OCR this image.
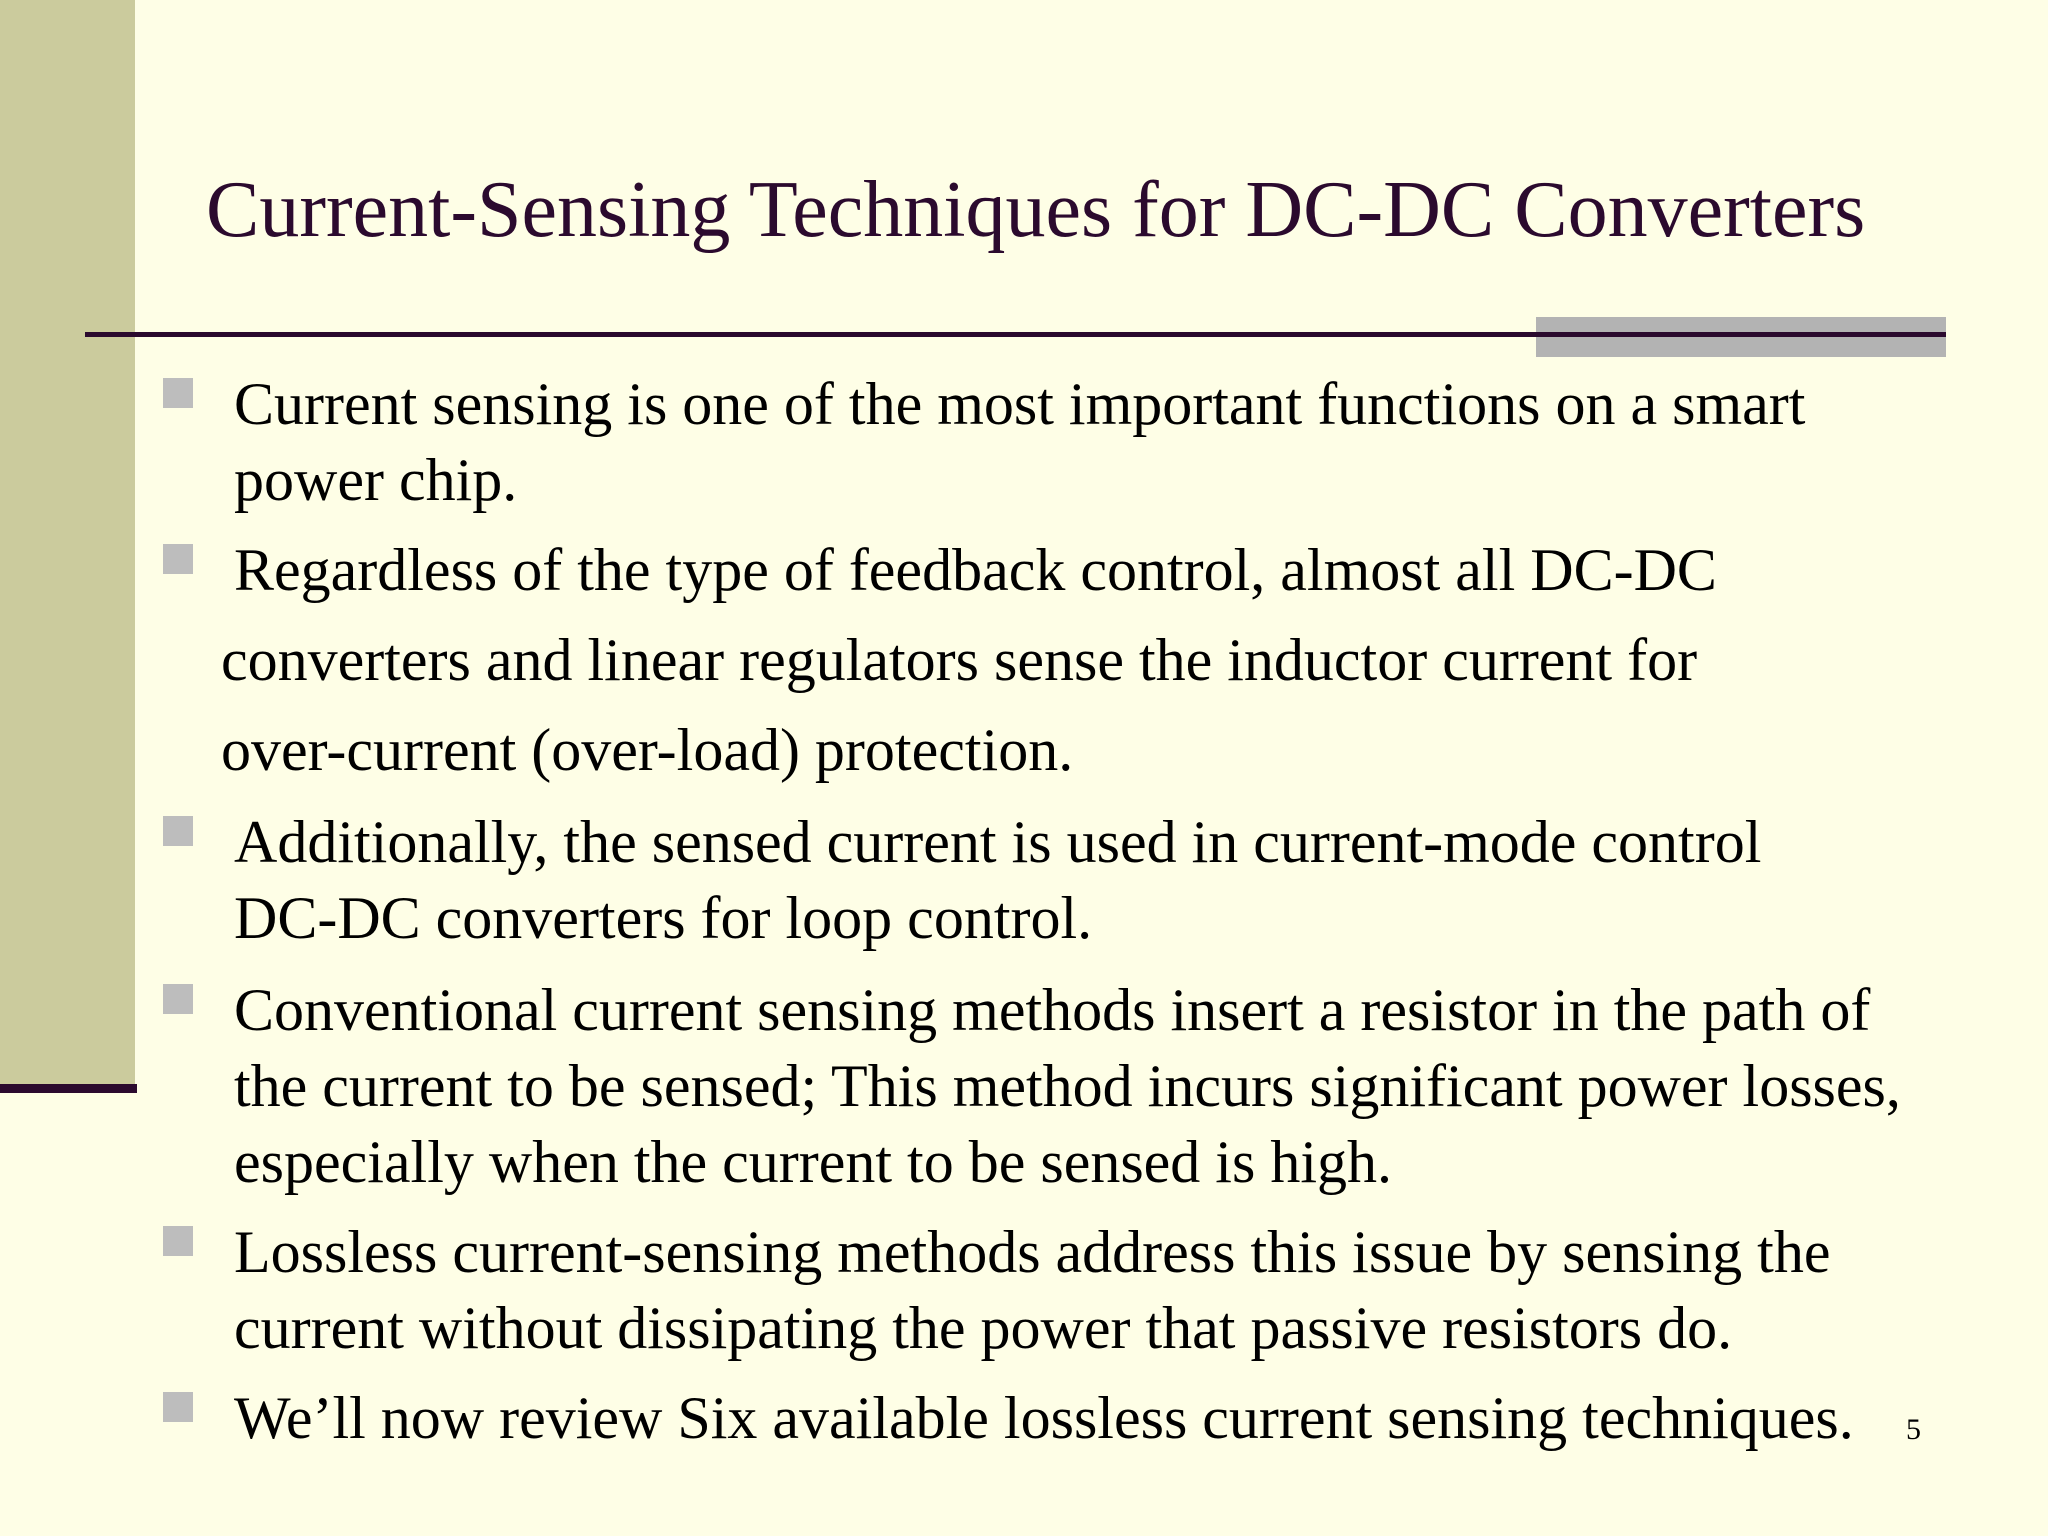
Current-Sensing Techniques for DC-DC Converters

Current sensing is one of the most important functions on a smart
power chip.

Regardless of the type of feedback control, almost all DC-DC
converters and linear regulators sense the inductor current for
over-current (over-load) protection.

Additionally, the sensed current is used in current-mode control
DC-DC converters for loop control.

Conventional current sensing methods insert a resistor in the path of
the current to be sensed; This method incurs significant power losses,
especially when the current to be sensed is high.

Lossless current-sensing methods address this issue by sensing the
current without dissipating the power that passive resistors do.

We’ll now review Six available lossless current sensing techniques.	5
